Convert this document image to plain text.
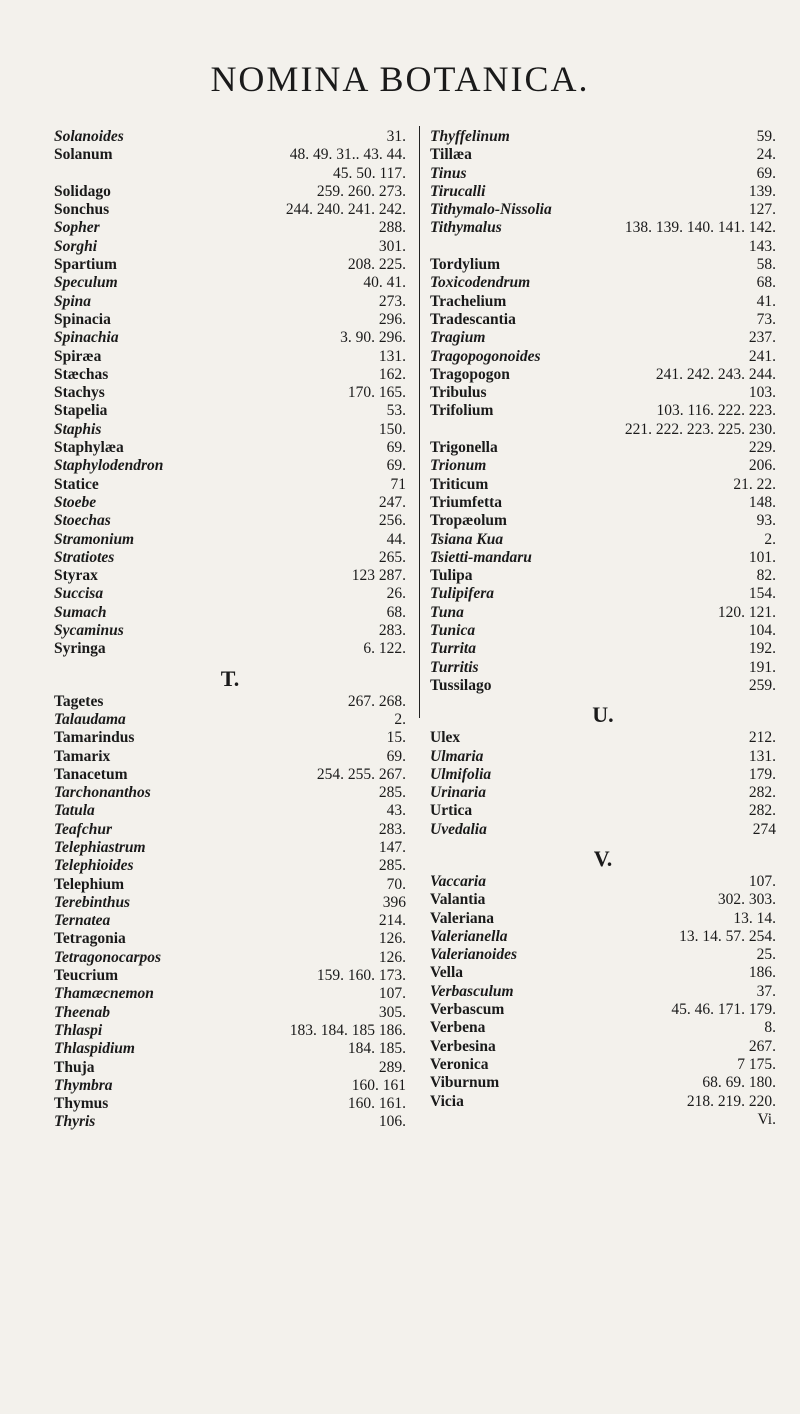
NOMINA BOTANICA.
Solanoides	31.
Solanum	48. 49. 31.. 43. 44.
45. 50. 117.
Solidago	259. 260. 273.
Sonchus	244. 240. 241. 242.
Sopher	288.
Sorghi	301.
Spartium	208. 225.
Speculum	40. 41.
Spina	273.
Spinacia	296.
Spinachia	3. 90. 296.
Spiræa	131.
Stæchas	162.
Stachys	170. 165.
Stapelia	53.
Staphis	150.
Staphylæa	69.
Staphylodendron	69.
Statice	71
Stoebe	247.
Stoechas	256.
Stramonium	44.
Stratiotes	265.
Styrax	123 287.
Succisa	26.
Sumach	68.
Sycaminus	283.
Syringa	6. 122.
T.
Tagetes	267. 268.
Talaudama	2.
Tamarindus	15.
Tamarix	69.
Tanacetum	254. 255. 267.
Tarchonanthos	285.
Tatula	43.
Teafchur	283.
Telephiastrum	147.
Telephioides	285.
Telephium	70.
Terebinthus	396
Ternatea	214.
Tetragonia	126.
Tetragonocarpos	126.
Teucrium	159. 160. 173.
Thamæcnemon	107.
Theenab	305.
Thlaspi	183. 184. 185 186.
Thlaspidium	184. 185.
Thuja	289.
Thymbra	160. 161
Thymus	160. 161.
Thyris	106.
Thyffelinum	59.
Tillæa	24.
Tinus	69.
Tirucalli	139.
Tithymalo-Nissolia	127.
Tithymalus	138. 139. 140. 141. 142.
143.
Tordylium	58.
Toxicodendrum	68.
Trachelium	41.
Tradescantia	73.
Tragium	237.
Tragopogonoides	241.
Tragopogon	241. 242. 243. 244.
Tribulus	103.
Trifolium	103. 116. 222. 223.
221. 222. 223. 225. 230.
Trigonella	229.
Trionum	206.
Triticum	21. 22.
Triumfetta	148.
Tropæolum	93.
Tsiana Kua	2.
Tsietti-mandaru	101.
Tulipa	82.
Tulipifera	154.
Tuna	120. 121.
Tunica	104.
Turrita	192.
Turritis	191.
Tussilago	259.
U.
Ulex	212.
Ulmaria	131.
Ulmifolia	179.
Urinaria	282.
Urtica	282.
Uvedalia	274
V.
Vaccaria	107.
Valantia	302. 303.
Valeriana	13. 14.
Valerianella	13. 14. 57. 254.
Valerianoides	25.
Vella	186.
Verbasculum	37.
Verbascum	45. 46. 171. 179.
Verbena	8.
Verbesina	267.
Veronica	7 175.
Viburnum	68. 69. 180.
Vicia	218. 219. 220.
Vi.
